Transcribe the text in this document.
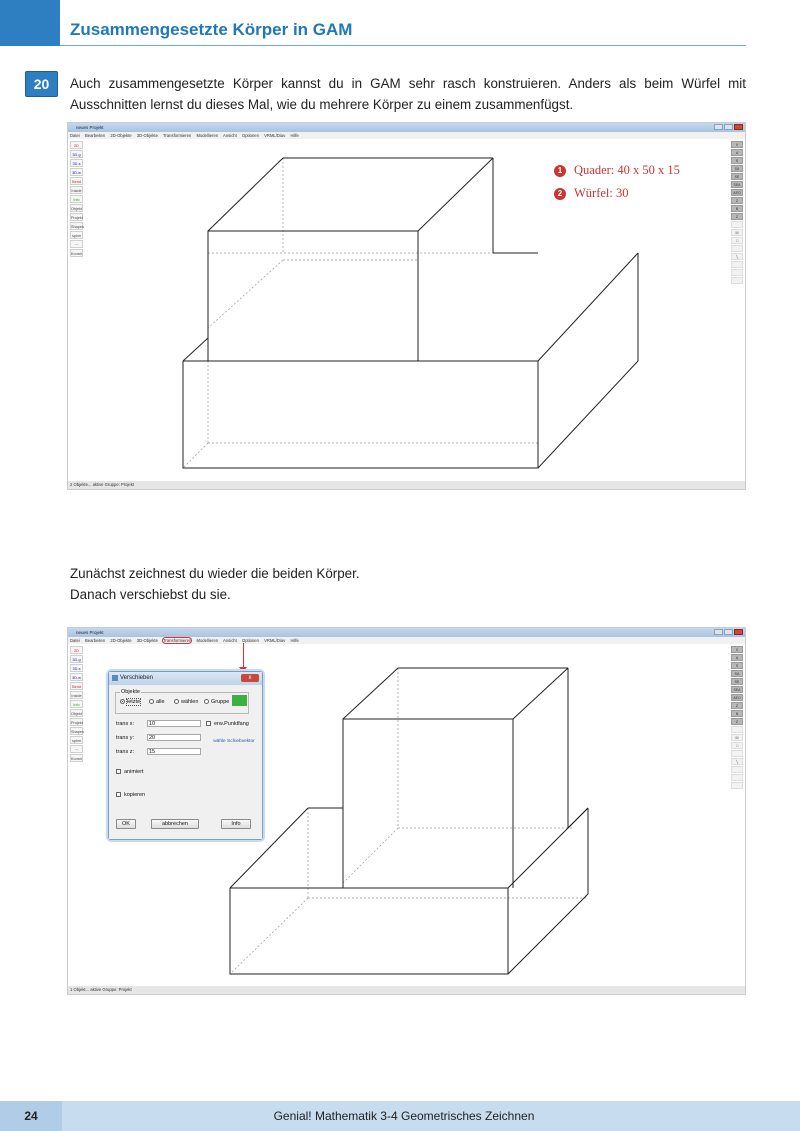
Zusammengesetzte Körper in GAM
20	Auch zusammengesetzte Körper kannst du in GAM sehr rasch konstruieren. Anders als beim Würfel mit Ausschnitten lernst du dieses Mal, wie du mehrere Körper zu einem zusammenfügst.

neues Projekt
Datei Bearbeiten 2D-Objekte 3D-Objekte Transformieren Modellieren Ansicht Optionen VRML/Diav Hilfe
2D
3D-g
3D-s
3D-w
Bend
Inside
Info
Objekt
Projekt
Shapes
spkm
〰
Konstr
0
A
S
SA
SE
SEA
AEO
Z
B
Z
☒
□
╲
1 Quader: 40 x 50 x 15
2 Würfel: 30
2 Objekte... aktive Gruppe: Projekt
Zunächst zeichnest du wieder die beiden Körper.
Danach verschiebst du sie.
neues Projekt
Datei Bearbeiten 2D-Objekte 3D-Objekte Transformieren Modellieren Ansicht Optionen VRML/Diav Hilfe
2D
3D-g
3D-s
3D-w
Bend
Inside
Info
Objekt
Projekt
Shapes
spkm
〰
Konstr
0
A
S
SA
SE
SEA
AEO
Z
B
Z
☒
□
╲
Verschieben	x
Objekte
letzte	alle	wählen	Gruppe
trans x:	10
trans y:	20
trans z:	15
erw.Punktfang
wähle Schiebvektor
animiert
kopieren
OK	abbrechen	Info
1 Objekt... aktive Gruppe: Projekt
Genial! Mathematik 3-4 Geometrisches Zeichnen
24
